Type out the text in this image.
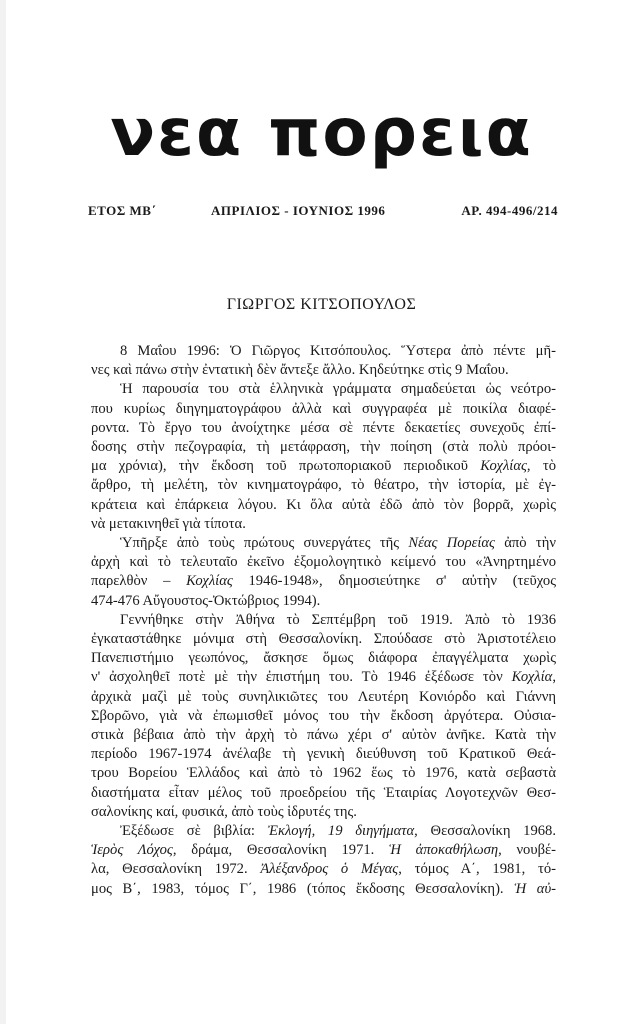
νεα πορεια
ΕΤΟΣ ΜΒ΄	ΑΠΡΙΛΙΟΣ - ΙΟΥΝΙΟΣ 1996	ΑΡ. 494-496/214
ΓΙΩΡΓΟΣ ΚΙΤΣΟΠΟΥΛΟΣ

8 Μαΐου 1996: Ὁ Γιῶργος Κιτσόπουλος. Ὕστερα ἀπὸ πέντε μῆ-
νες καὶ πάνω στὴν ἐντατικὴ δὲν ἄντεξε ἄλλο. Κηδεύτηκε στὶς 9 Μαΐου.

Ἡ παρουσία του στὰ ἑλληνικὰ γράμματα σημαδεύεται ὡς νεότρο-
που κυρίως διηγηματογράφου ἀλλὰ καὶ συγγραφέα μὲ ποικίλα διαφέ-
ροντα. Τὸ ἔργο του ἀνοίχτηκε μέσα σὲ πέντε δεκαετίες συνεχοῦς ἐπί-
δοσης στὴν πεζογραφία, τὴ μετάφραση, τὴν ποίηση (στὰ πολὺ πρόοι-
μα χρόνια), τὴν ἔκδοση τοῦ πρωτοποριακοῦ περιοδικοῦ Κοχλίας, τὸ
ἄρθρο, τὴ μελέτη, τὸν κινηματογράφο, τὸ θέατρο, τὴν ἱστορία, μὲ ἐγ-
κράτεια καὶ ἐπάρκεια λόγου. Κι ὅλα αὐτὰ ἐδῶ ἀπὸ τὸν βορρᾶ, χωρὶς
νὰ μετακινηθεῖ γιὰ τίποτα.

Ὑπῆρξε ἀπὸ τοὺς πρώτους συνεργάτες τῆς Νέας Πορείας ἀπὸ τὴν
ἀρχὴ καὶ τὸ τελευταῖο ἐκεῖνο ἐξομολογητικὸ κείμενό του «Ἀνηρτημένο
παρελθὸν – Κοχλίας 1946-1948», δημοσιεύτηκε σ' αὐτὴν (τεῦχος
474-476 Αὔγουστος-Ὀκτώβριος 1994).

Γεννήθηκε στὴν Ἀθήνα τὸ Σεπτέμβρη τοῦ 1919. Ἀπὸ τὸ 1936
ἐγκαταστάθηκε μόνιμα στὴ Θεσσαλονίκη. Σπούδασε στὸ Ἀριστοτέλειο
Πανεπιστήμιο γεωπόνος, ἄσκησε ὅμως διάφορα ἐπαγγέλματα χωρὶς
ν' ἀσχοληθεῖ ποτὲ μὲ τὴν ἐπιστήμη του. Τὸ 1946 ἐξέδωσε τὸν Κοχλία,
ἀρχικὰ μαζὶ μὲ τοὺς συνηλικιῶτες του Λευτέρη Κονιόρδο καὶ Γιάννη
Σβορῶνο, γιὰ νὰ ἐπωμισθεῖ μόνος του τὴν ἔκδοση ἀργότερα. Οὐσια-
στικὰ βέβαια ἀπὸ τὴν ἀρχὴ τὸ πάνω χέρι σ' αὐτὸν ἀνῆκε. Κατὰ τὴν
περίοδο 1967-1974 ἀνέλαβε τὴ γενικὴ διεύθυνση τοῦ Κρατικοῦ Θεά-
τρου Βορείου Ἑλλάδος καὶ ἀπὸ τὸ 1962 ἕως τὸ 1976, κατὰ σεβαστὰ
διαστήματα εἶταν μέλος τοῦ προεδρείου τῆς Ἑταιρίας Λογοτεχνῶν Θεσ-
σαλονίκης καί, φυσικά, ἀπὸ τοὺς ἱδρυτές της.

Ἐξέδωσε σὲ βιβλία: Ἐκλογή, 19 διηγήματα, Θεσσαλονίκη 1968.
Ἱερὸς Λόχος, δράμα, Θεσσαλονίκη 1971. Ἡ ἀποκαθήλωση, νουβέ-
λα, Θεσσαλονίκη 1972. Ἀλέξανδρος ὁ Μέγας, τόμος Α΄, 1981, τό-
μος Β΄, 1983, τόμος Γ΄, 1986 (τόπος ἔκδοσης Θεσσαλονίκη). Ἡ αὐ-
